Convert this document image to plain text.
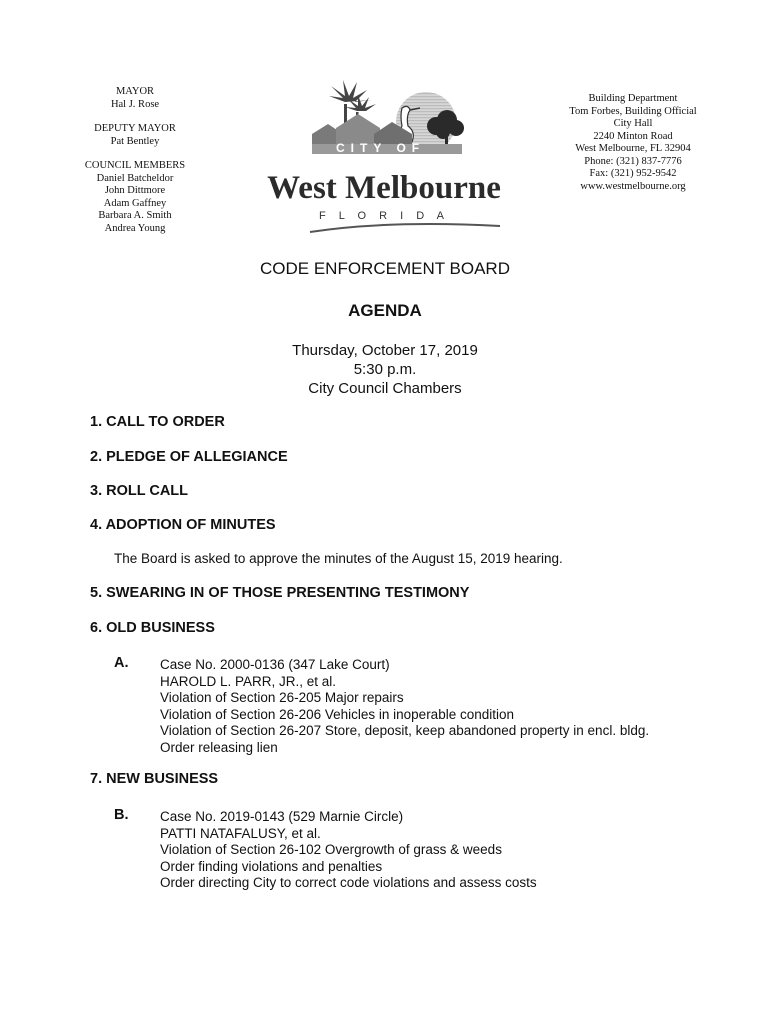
MAYOR
Hal J. Rose
DEPUTY MAYOR
Pat Bentley
COUNCIL MEMBERS
Daniel Batcheldor
John Dittmore
Adam Gaffney
Barbara A. Smith
Andrea Young
CITY OF
West Melbourne
F L O R I D A
Building Department
Tom Forbes, Building Official
City Hall
2240 Minton Road
West Melbourne, FL 32904
Phone: (321) 837-7776
Fax: (321) 952-9542
www.westmelbourne.org
CODE ENFORCEMENT BOARD
AGENDA
Thursday, October 17, 2019
5:30 p.m.
City Council Chambers
1. CALL TO ORDER
2. PLEDGE OF ALLEGIANCE
3. ROLL CALL
4. ADOPTION OF MINUTES
The Board is asked to approve the minutes of the August 15, 2019 hearing.
5. SWEARING IN OF THOSE PRESENTING TESTIMONY
6. OLD BUSINESS
A. Case No. 2000-0136 (347 Lake Court)
HAROLD L. PARR, JR., et al.
Violation of Section 26-205 Major repairs
Violation of Section 26-206 Vehicles in inoperable condition
Violation of Section 26-207 Store, deposit, keep abandoned property in encl. bldg.
Order releasing lien
7. NEW BUSINESS
B. Case No. 2019-0143 (529 Marnie Circle)
PATTI NATAFALUSY, et al.
Violation of Section 26-102 Overgrowth of grass & weeds
Order finding violations and penalties
Order directing City to correct code violations and assess costs
